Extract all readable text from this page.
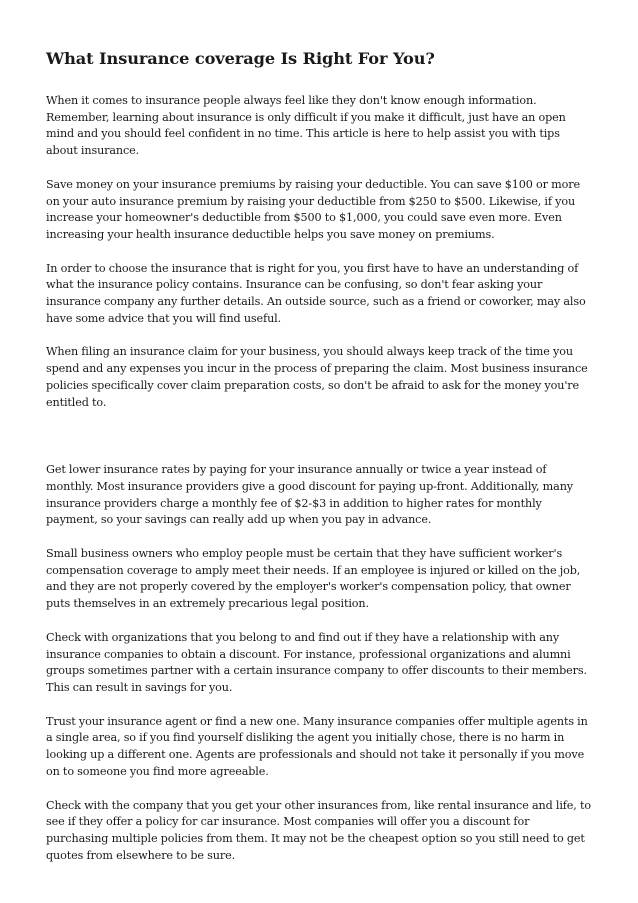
What Insurance coverage Is Right For You?

When it comes to insurance people always feel like they don't know enough information. Remember, learning about insurance is only difficult if you make it difficult, just have an open mind and you should feel confident in no time. This article is here to help assist you with tips about insurance.

Save money on your insurance premiums by raising your deductible. You can save $100 or more on your auto insurance premium by raising your deductible from $250 to $500. Likewise, if you increase your homeowner's deductible from $500 to $1,000, you could save even more. Even increasing your health insurance deductible helps you save money on premiums.

In order to choose the insurance that is right for you, you first have to have an understanding of what the insurance policy contains. Insurance can be confusing, so don't fear asking your insurance company any further details. An outside source, such as a friend or coworker, may also have some advice that you will find useful.

When filing an insurance claim for your business, you should always keep track of the time you spend and any expenses you incur in the process of preparing the claim. Most business insurance policies specifically cover claim preparation costs, so don't be afraid to ask for the money you're entitled to.

Get lower insurance rates by paying for your insurance annually or twice a year instead of monthly. Most insurance providers give a good discount for paying up-front. Additionally, many insurance providers charge a monthly fee of $2-$3 in addition to higher rates for monthly payment, so your savings can really add up when you pay in advance.

Small business owners who employ people must be certain that they have sufficient worker's compensation coverage to amply meet their needs. If an employee is injured or killed on the job, and they are not properly covered by the employer's worker's compensation policy, that owner puts themselves in an extremely precarious legal position.

Check with organizations that you belong to and find out if they have a relationship with any insurance companies to obtain a discount. For instance, professional organizations and alumni groups sometimes partner with a certain insurance company to offer discounts to their members. This can result in savings for you.

Trust your insurance agent or find a new one. Many insurance companies offer multiple agents in a single area, so if you find yourself disliking the agent you initially chose, there is no harm in looking up a different one. Agents are professionals and should not take it personally if you move on to someone you find more agreeable.

Check with the company that you get your other insurances from, like rental insurance and life, to see if they offer a policy for car insurance. Most companies will offer you a discount for purchasing multiple policies from them. It may not be the cheapest option so you still need to get quotes from elsewhere to be sure.
